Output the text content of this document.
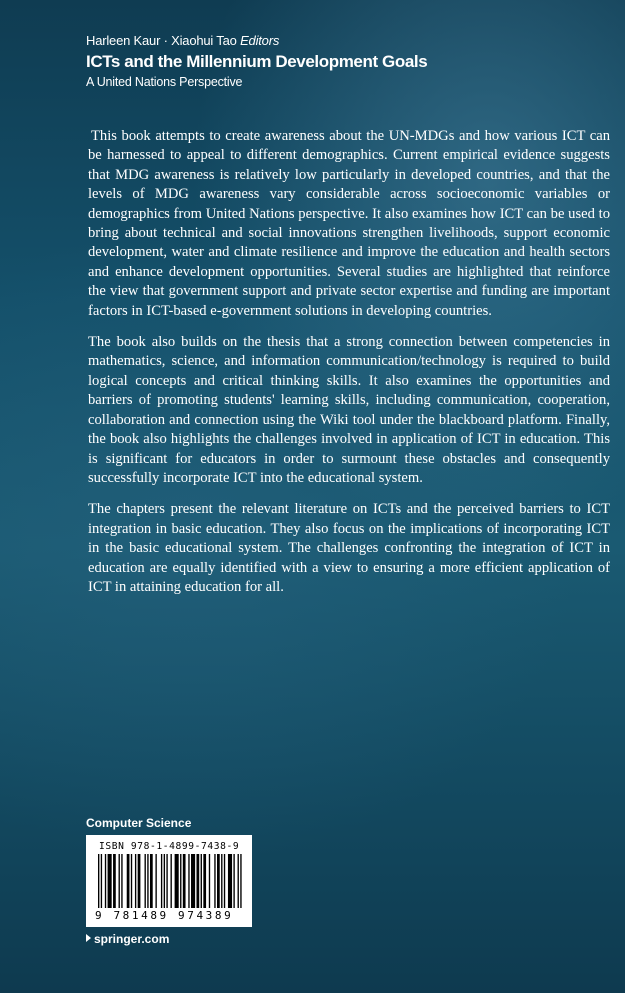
Harleen Kaur · Xiaohui Tao Editors
ICTs and the Millennium Development Goals
A United Nations Perspective

This book attempts to create awareness about the UN-MDGs and how various ICT can be harnessed to appeal to different demographics. Current empirical evidence suggests that MDG awareness is relatively low particularly in developed countries, and that the levels of MDG awareness vary considerable across socioeconomic variables or demographics from United Nations perspective. It also examines how ICT can be used to bring about technical and social innovations strengthen livelihoods, support economic development, water and climate resilience and improve the education and health sectors and enhance development opportunities. Several studies are highlighted that reinforce the view that government support and private sector expertise and funding are important factors in ICT-based e-government solutions in developing countries.

The book also builds on the thesis that a strong connection between competencies in mathematics, science, and information communication/technology is required to build logical concepts and critical thinking skills. It also examines the opportunities and barriers of promoting students' learning skills, including communication, cooperation, collaboration and connection using the Wiki tool under the blackboard platform. Finally, the book also highlights the challenges involved in application of ICT in education. This is significant for educators in order to surmount these obstacles and consequently successfully incorporate ICT into the educational system.

The chapters present the relevant literature on ICTs and the perceived barriers to ICT integration in basic education. They also focus on the implications of incorporating ICT in the basic educational system. The challenges confronting the integration of ICT in education are equally identified with a view to ensuring a more efficient application of ICT in attaining education for all.

Computer Science
ISBN 978-1-4899-7438-9
9 781489 974389
springer.com
